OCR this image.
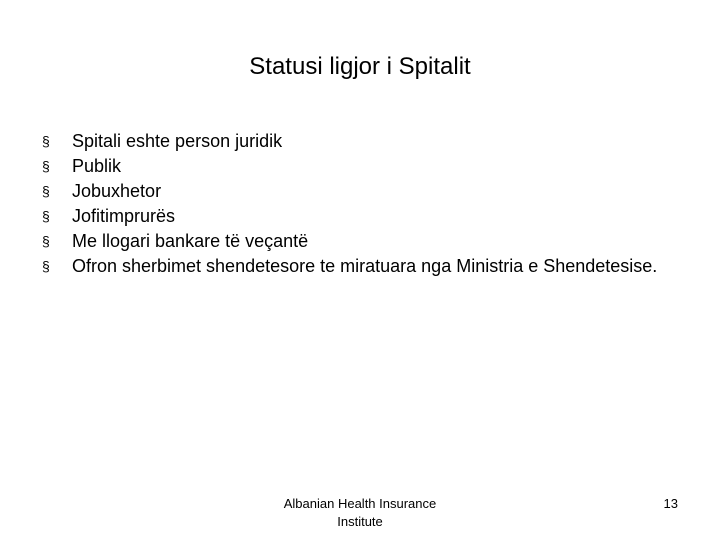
Statusi ligjor i Spitalit
§	Spitali eshte person juridik
§	Publik
§	Jobuxhetor
§	Jofitimprurës
§	Me llogari bankare të veçantë
§	Ofron sherbimet shendetesore te miratuara nga Ministria e Shendetesise.
Albanian Health Insurance
Institute
13
